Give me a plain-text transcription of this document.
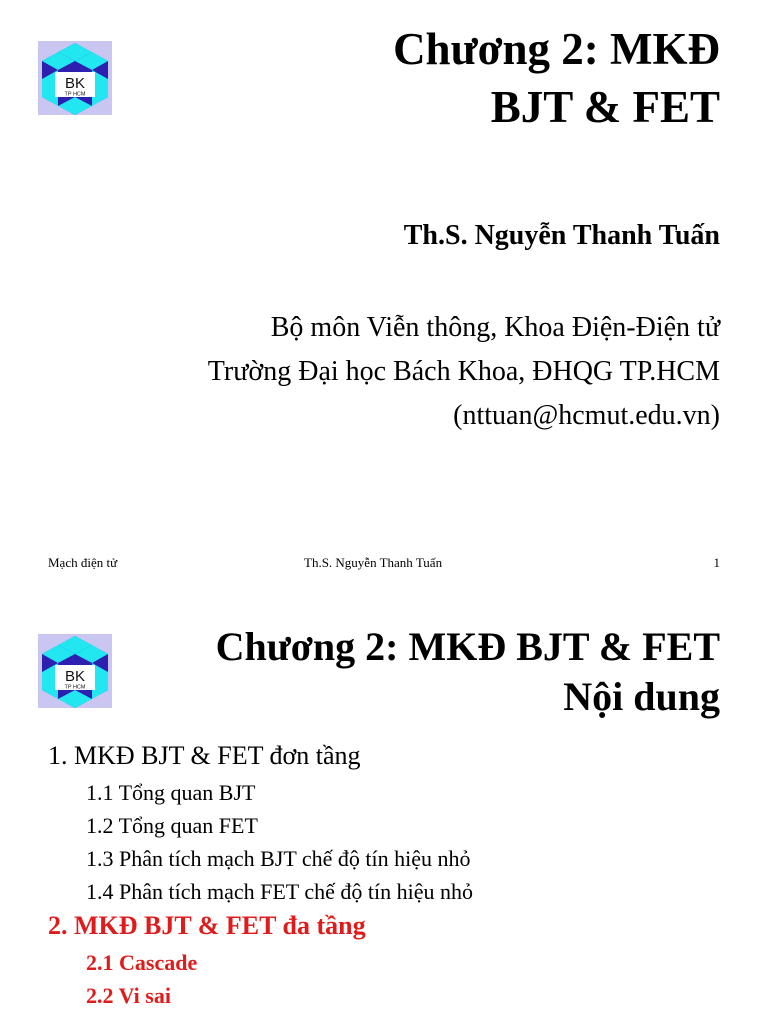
BK
TP HCM
Chương 2: MKĐ
BJT & FET
Th.S. Nguyễn Thanh Tuấn
Bộ môn Viễn thông, Khoa Điện-Điện tử
Trường Đại học Bách Khoa, ĐHQG TP.HCM
(nttuan@hcmut.edu.vn)
Mạch điện tử	Th.S. Nguyễn Thanh Tuấn	1
BK
TP HCM
Chương 2: MKĐ BJT & FET
Nội dung
1. MKĐ BJT & FET đơn tầng
1.1 Tổng quan BJT
1.2 Tổng quan FET
1.3 Phân tích mạch BJT chế độ tín hiệu nhỏ
1.4 Phân tích mạch FET chế độ tín hiệu nhỏ
2. MKĐ BJT & FET đa tầng
2.1 Cascade
2.2 Vi sai
